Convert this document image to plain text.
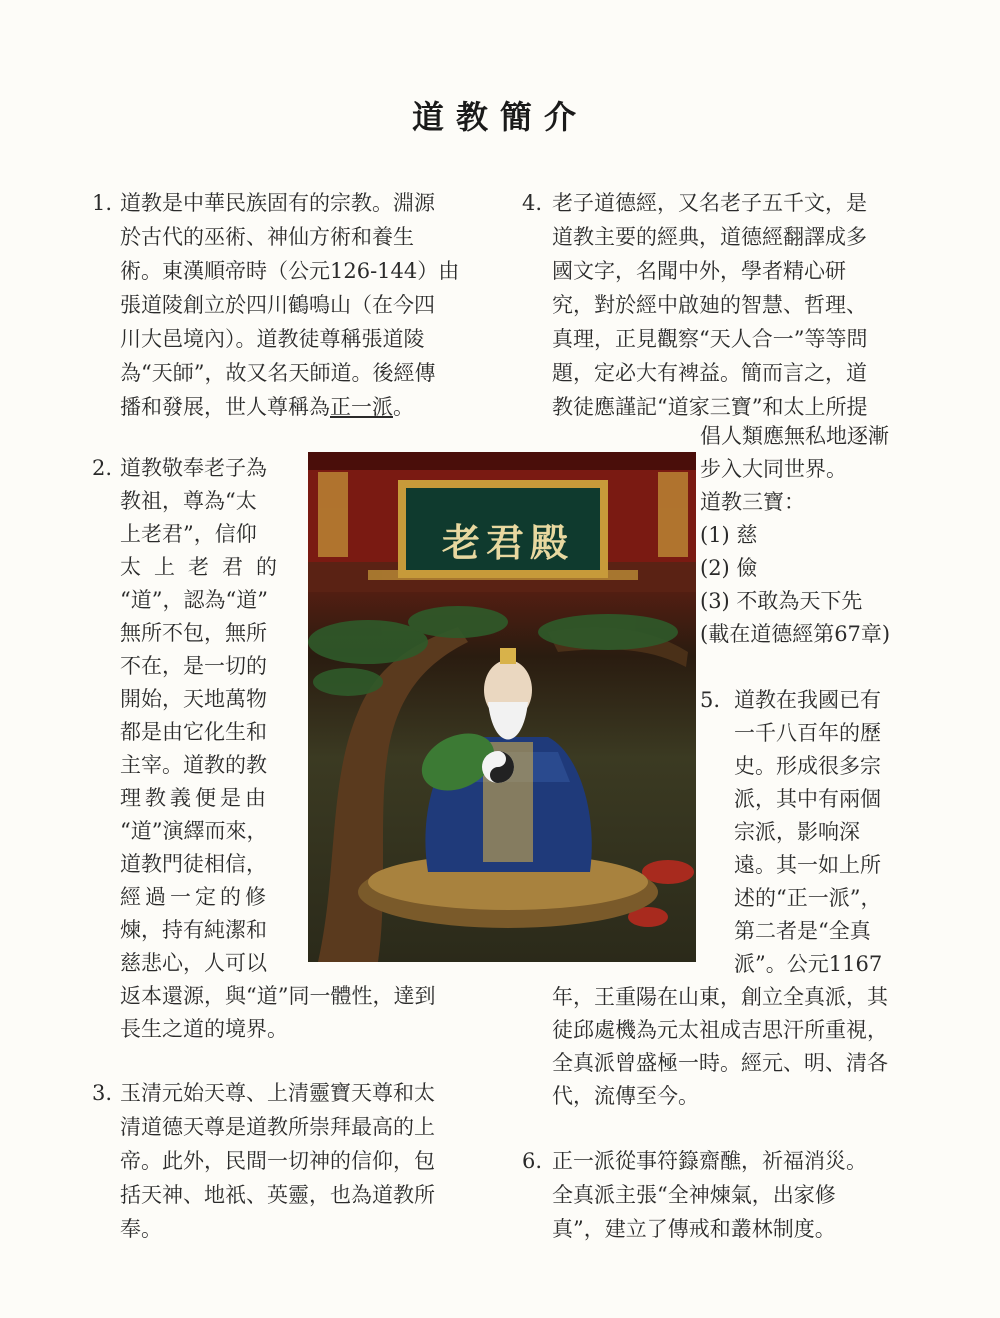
道教簡介
1. 道教是中華民族固有的宗教。淵源
於古代的巫術、神仙方術和養生
術。東漢順帝時（公元126-144）由
張道陵創立於四川鶴鳴山（在今四
川大邑境內）。道教徒尊稱張道陵
為“天師”，故又名天師道。後經傳
播和發展，世人尊稱為正一派。
2. 道教敬奉老子為
教祖，尊為“太
上老君”，信仰
太上老君的
“道”，認為“道”
無所不包，無所
不在，是一切的
開始，天地萬物
都是由它化生和
主宰。道教的教
理教義便是由
“道”演繹而來，
道教門徒相信，
經過一定的修
煉，持有純潔和
慈悲心，人可以
返本還源，與“道”同一體性，達到
長生之道的境界。
3. 玉清元始天尊、上清靈寶天尊和太
清道德天尊是道教所崇拜最高的上
帝。此外，民間一切神的信仰，包
括天神、地祇、英靈，也為道教所
奉。
4. 老子道德經，又名老子五千文，是
道教主要的經典，道德經翻譯成多
國文字，名聞中外，學者精心研
究，對於經中啟廸的智慧、哲理、
真理，正見觀察“天人合一”等等問
題，定必大有裨益。簡而言之，道
教徒應謹記“道家三寶”和太上所提
倡人類應無私地逐漸
步入大同世界。
道教三寶：
(1) 慈
(2) 儉
(3) 不敢為天下先
(載在道德經第67章)
5. 道教在我國已有
一千八百年的歷
史。形成很多宗
派，其中有兩個
宗派，影响深
遠。其一如上所
述的“正一派”，
第二者是“全真
派”。公元1167
年，王重陽在山東，創立全真派，其
徒邱處機為元太祖成吉思汗所重視，
全真派曾盛極一時。經元、明、清各
代，流傳至今。
6. 正一派從事符籙齋醮，祈福消災。
全真派主張“全神煉氣，出家修
真”，建立了傳戒和叢林制度。
老君殿
